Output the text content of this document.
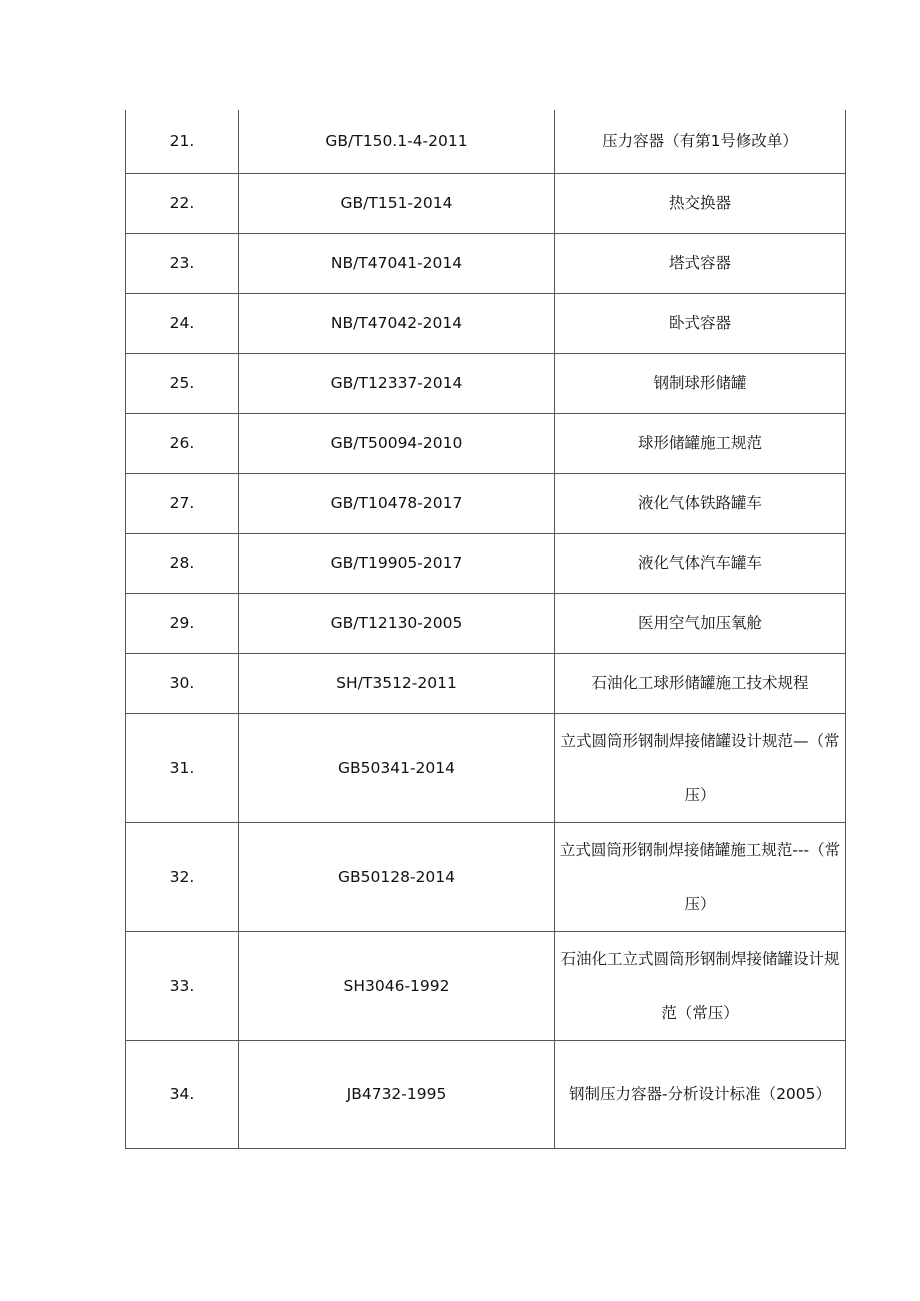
21.	GB/T150.1-4-2011	压力容器（有第1号修改单）
22.	GB/T151-2014	热交换器
23.	NB/T47041-2014	塔式容器
24.	NB/T47042-2014	卧式容器
25.	GB/T12337-2014	钢制球形储罐
26.	GB/T50094-2010	球形储罐施工规范
27.	GB/T10478-2017	液化气体铁路罐车
28.	GB/T19905-2017	液化气体汽车罐车
29.	GB/T12130-2005	医用空气加压氧舱
30.	SH/T3512-2011	石油化工球形储罐施工技术规程
31.	GB50341-2014	立式圆筒形钢制焊接储罐设计规范—（常压）
32.	GB50128-2014	立式圆筒形钢制焊接储罐施工规范---（常压）
33.	SH3046-1992	石油化工立式圆筒形钢制焊接储罐设计规范（常压）
34.	JB4732-1995	钢制压力容器-分析设计标准（2005）
